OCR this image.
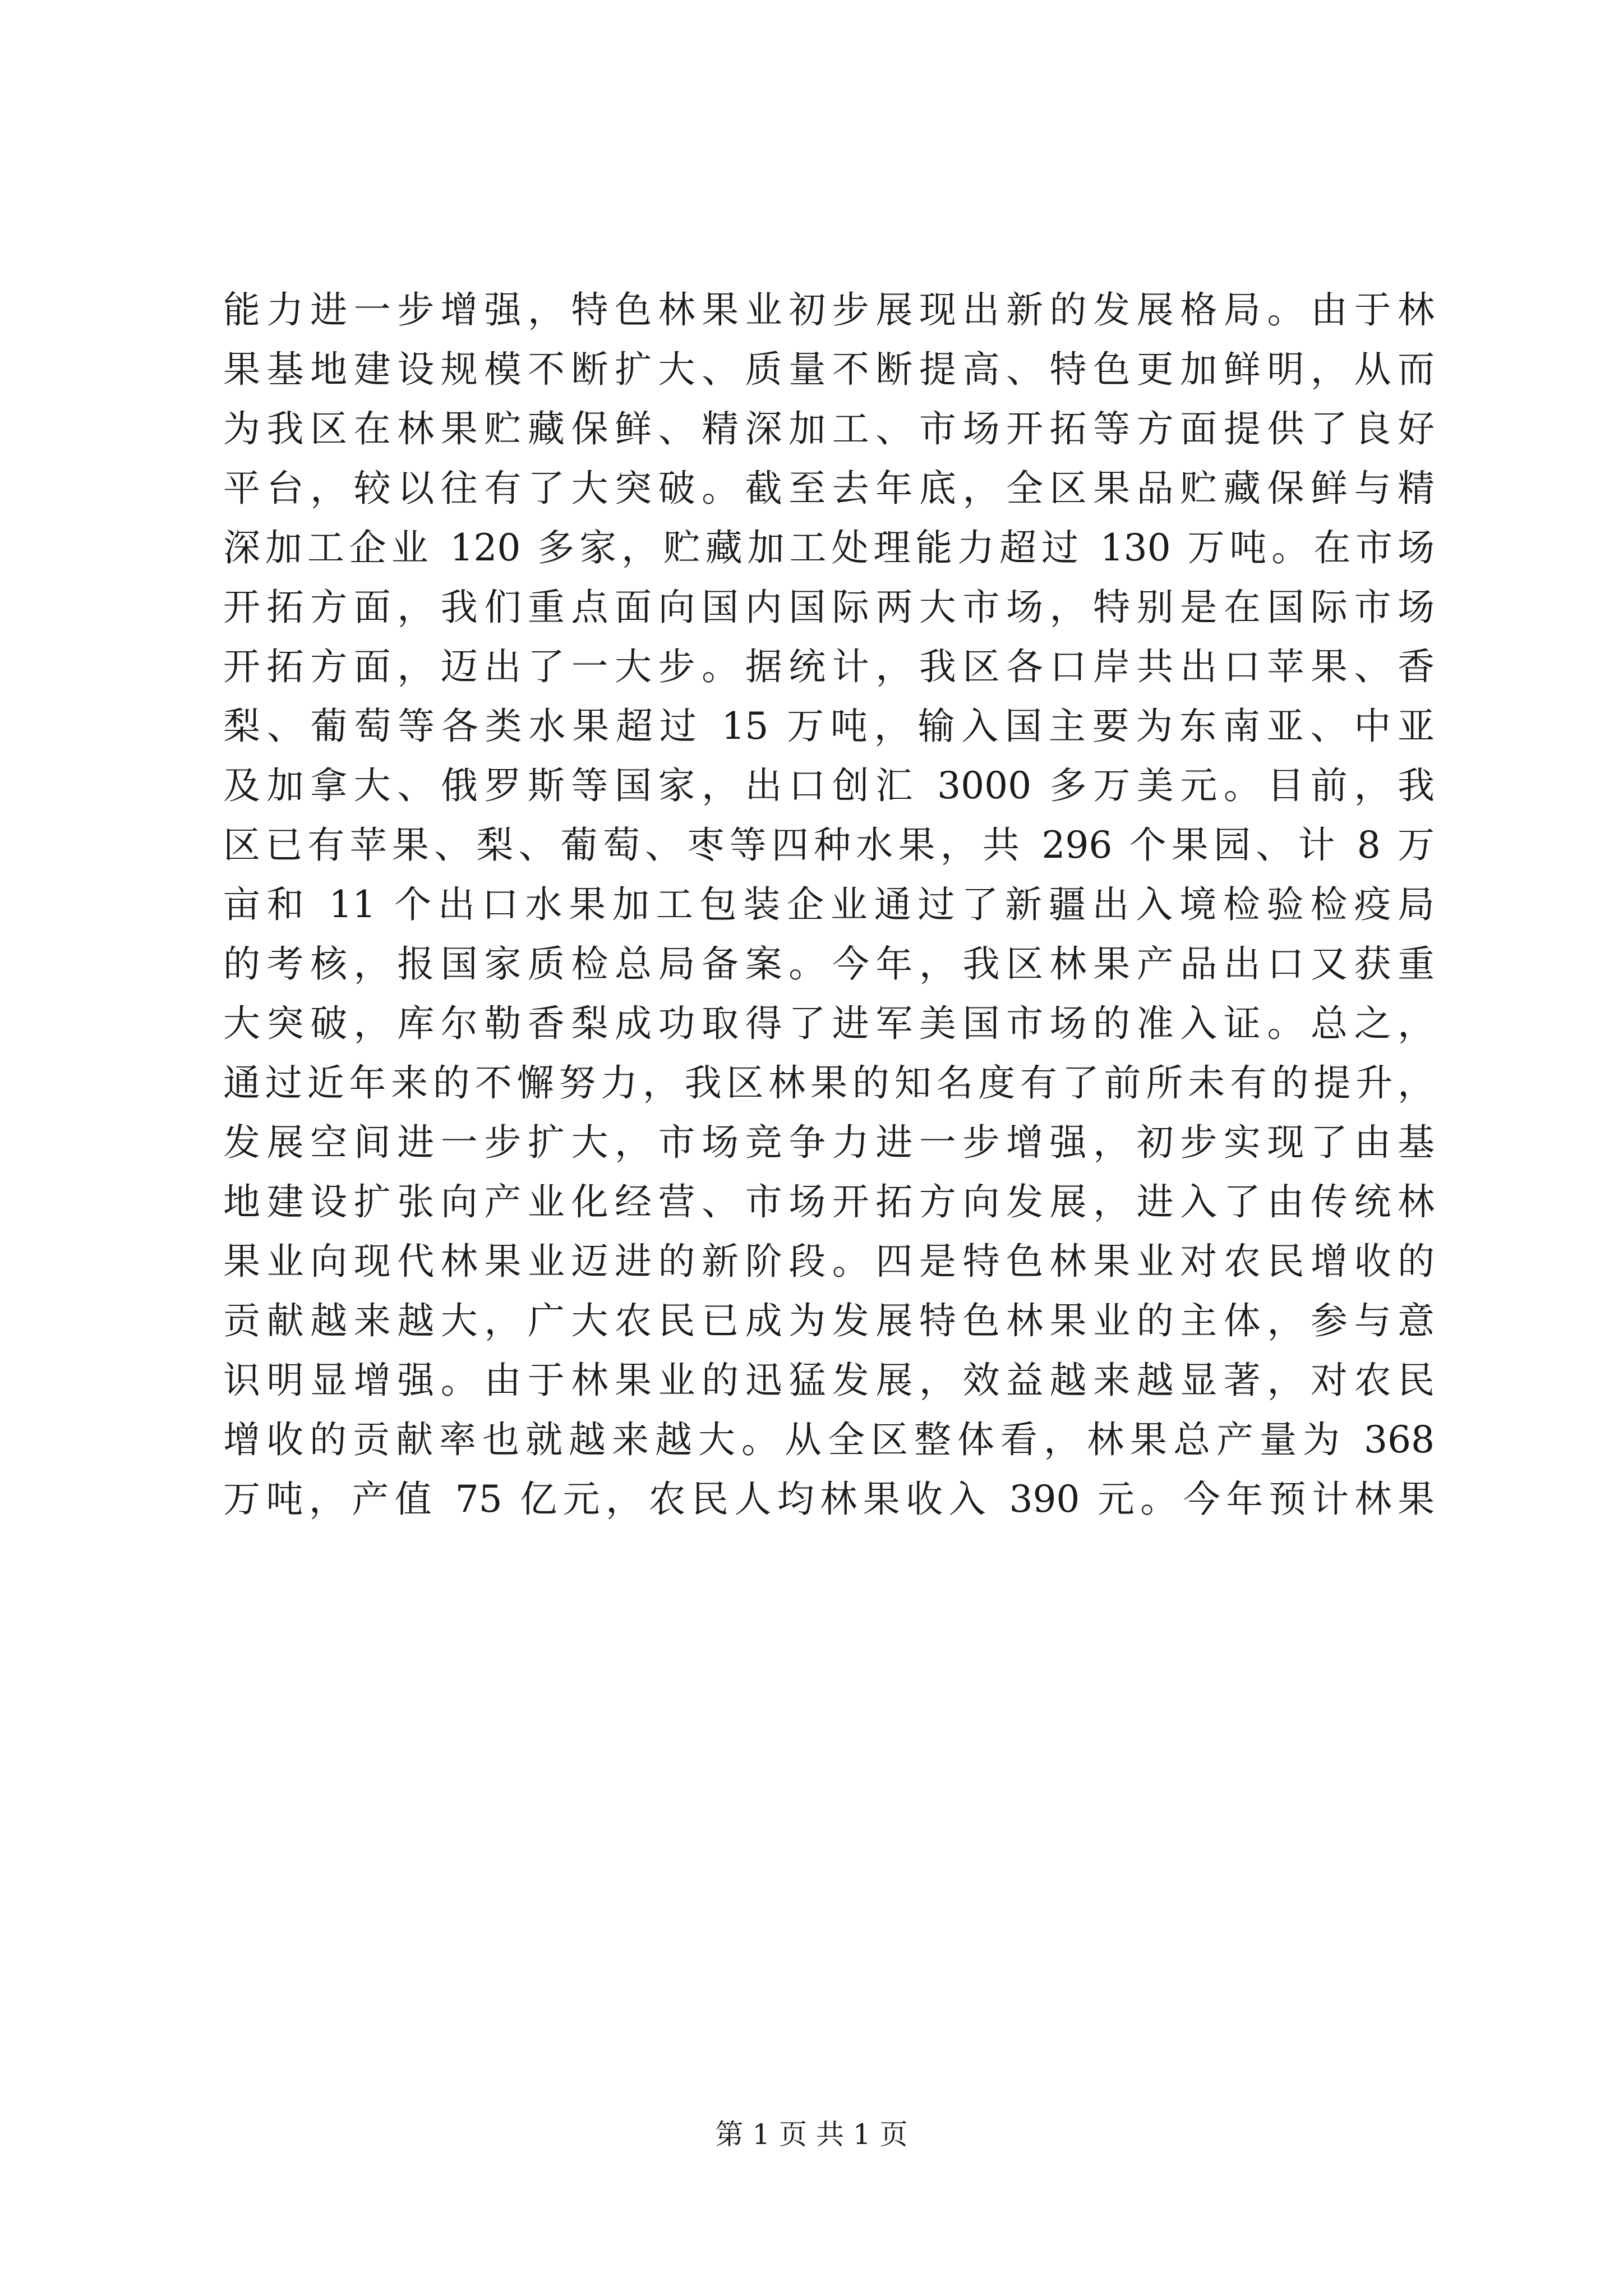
能力进一步增强，特色林果业初步展现出新的发展格局。由于林
果基地建设规模不断扩大、质量不断提高、特色更加鲜明，从而
为我区在林果贮藏保鲜、精深加工、市场开拓等方面提供了良好
平台，较以往有了大突破。截至去年底，全区果品贮藏保鲜与精
深加工企业 120 多家，贮藏加工处理能力超过 130 万吨。在市场
开拓方面，我们重点面向国内国际两大市场，特别是在国际市场
开拓方面，迈出了一大步。据统计，我区各口岸共出口苹果、香
梨、葡萄等各类水果超过 15 万吨，输入国主要为东南亚、中亚
及加拿大、俄罗斯等国家，出口创汇 3000 多万美元。目前，我
区已有苹果、梨、葡萄、枣等四种水果，共 296 个果园、计 8 万
亩和 11 个出口水果加工包装企业通过了新疆出入境检验检疫局
的考核，报国家质检总局备案。今年，我区林果产品出口又获重
大突破，库尔勒香梨成功取得了进军美国市场的准入证。总之，
通过近年来的不懈努力，我区林果的知名度有了前所未有的提升，
发展空间进一步扩大，市场竞争力进一步增强，初步实现了由基
地建设扩张向产业化经营、市场开拓方向发展，进入了由传统林
果业向现代林果业迈进的新阶段。四是特色林果业对农民增收的
贡献越来越大，广大农民已成为发展特色林果业的主体，参与意
识明显增强。由于林果业的迅猛发展，效益越来越显著，对农民
增收的贡献率也就越来越大。从全区整体看，林果总产量为 368
万吨，产值 75 亿元，农民人均林果收入 390 元。今年预计林果
第 1 页 共 1 页
